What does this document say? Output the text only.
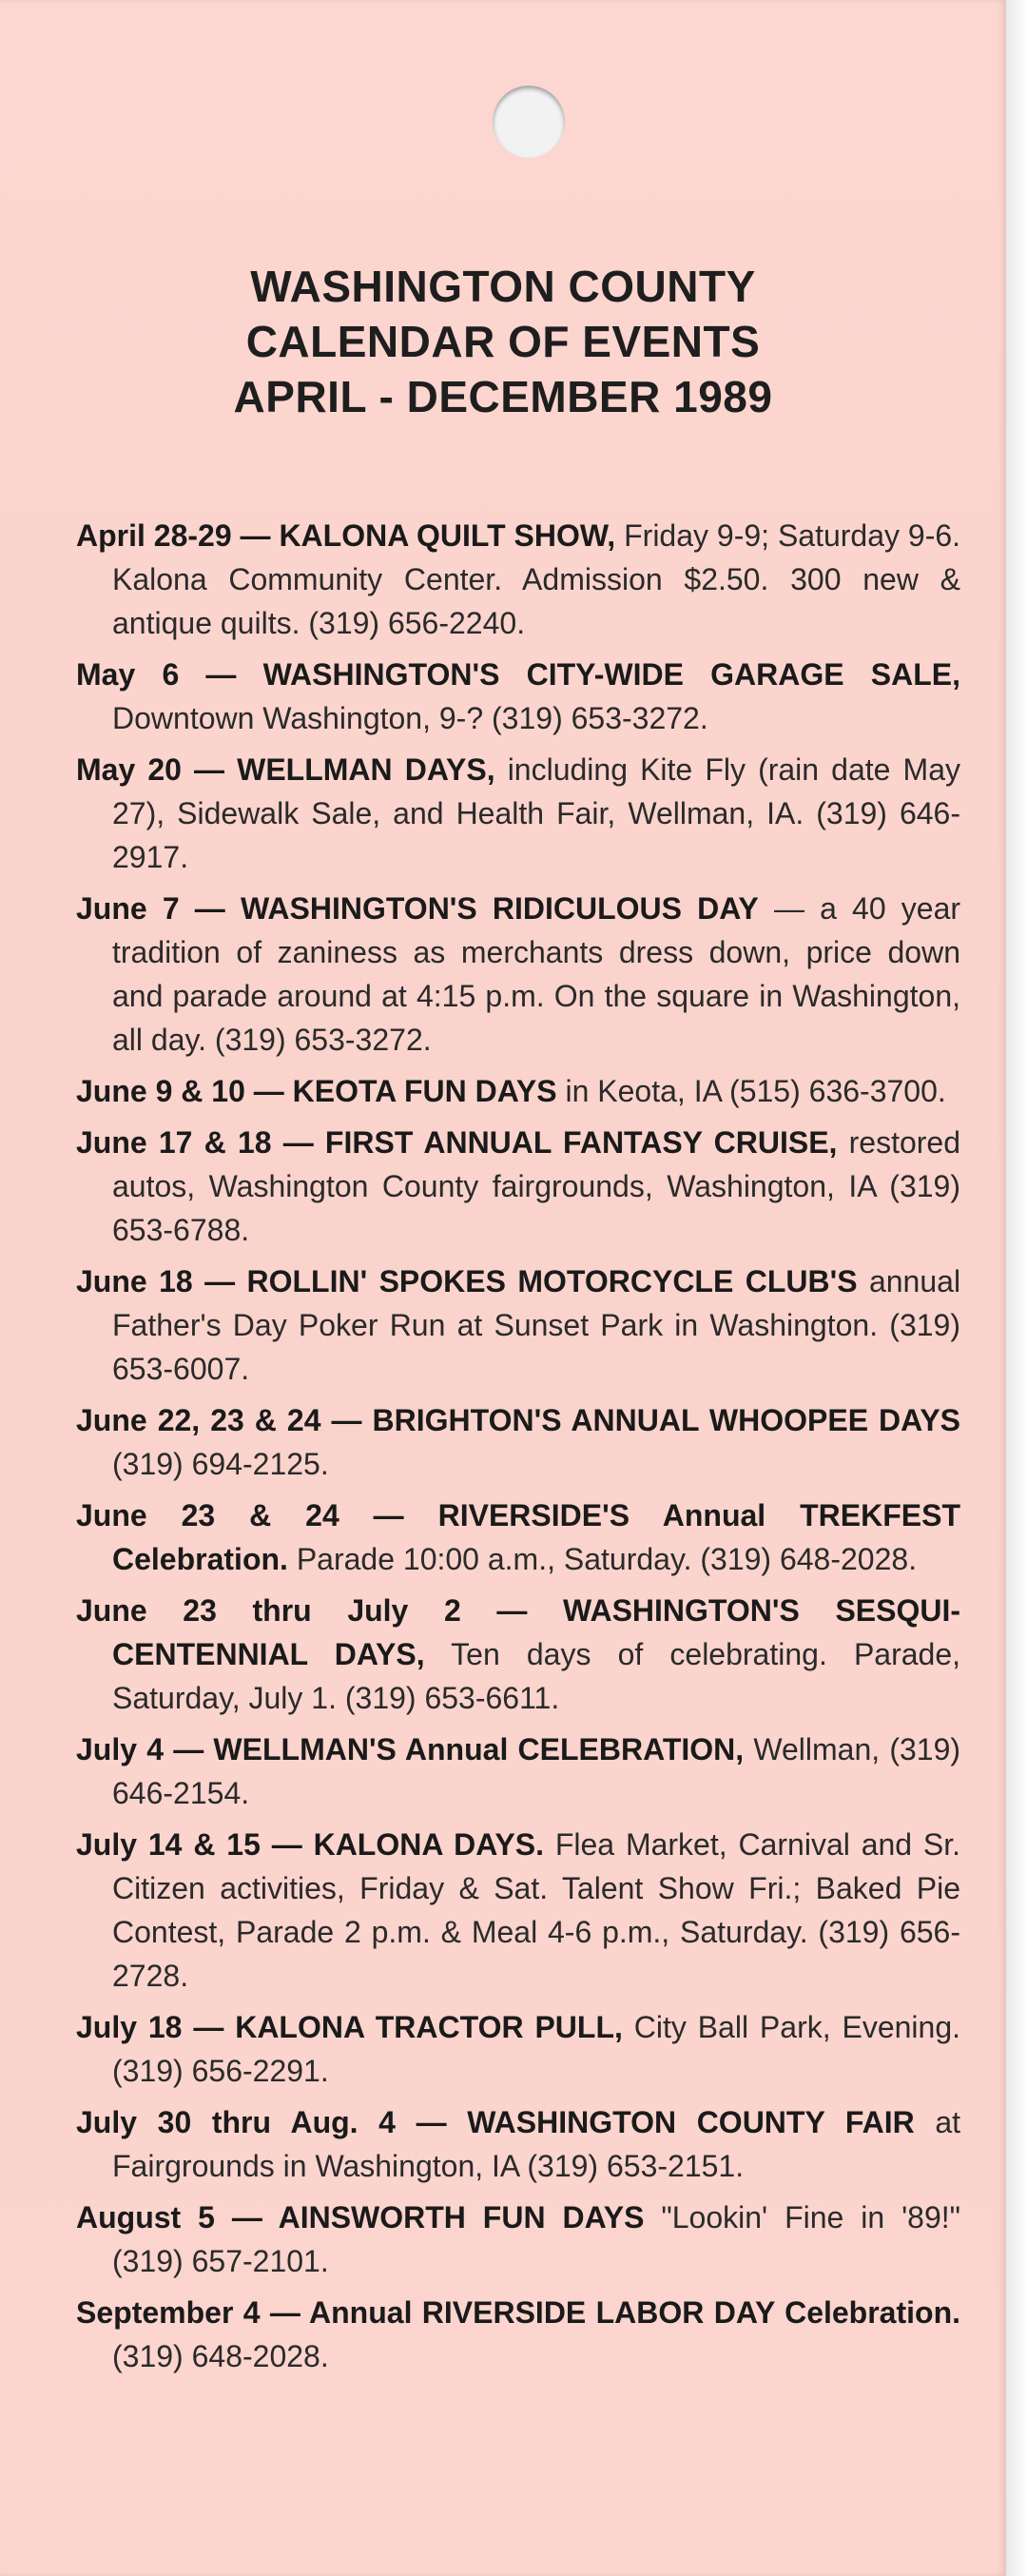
WASHINGTON COUNTY
CALENDAR OF EVENTS
APRIL - DECEMBER 1989
April 28-29 — KALONA QUILT SHOW, Friday 9-9; Saturday 9-6. Kalona Community Center. Admission $2.50. 300 new & antique quilts. (319) 656-2240.
May 6 — WASHINGTON'S CITY-WIDE GARAGE SALE, Downtown Washington, 9-? (319) 653-3272.
May 20 — WELLMAN DAYS, including Kite Fly (rain date May 27), Sidewalk Sale, and Health Fair, Wellman, IA. (319) 646-2917.
June 7 — WASHINGTON'S RIDICULOUS DAY — a 40 year tradition of zaniness as merchants dress down, price down and parade around at 4:15 p.m. On the square in Washington, all day. (319) 653-3272.
June 9 & 10 — KEOTA FUN DAYS in Keota, IA (515) 636-3700.
June 17 & 18 — FIRST ANNUAL FANTASY CRUISE, restored autos, Washington County fairgrounds, Washington, IA (319) 653-6788.
June 18 — ROLLIN' SPOKES MOTORCYCLE CLUB'S annual Father's Day Poker Run at Sunset Park in Washington. (319) 653-6007.
June 22, 23 & 24 — BRIGHTON'S ANNUAL WHOOPEE DAYS (319) 694-2125.
June 23 & 24 — RIVERSIDE'S Annual TREKFEST Celebration. Parade 10:00 a.m., Saturday. (319) 648-2028.
June 23 thru July 2 — WASHINGTON'S SESQUI-CENTENNIAL DAYS, Ten days of celebrating. Parade, Saturday, July 1. (319) 653-6611.
July 4 — WELLMAN'S Annual CELEBRATION, Wellman, (319) 646-2154.
July 14 & 15 — KALONA DAYS. Flea Market, Carnival and Sr. Citizen activities, Friday & Sat. Talent Show Fri.; Baked Pie Contest, Parade 2 p.m. & Meal 4-6 p.m., Saturday. (319) 656-2728.
July 18 — KALONA TRACTOR PULL, City Ball Park, Evening. (319) 656-2291.
July 30 thru Aug. 4 — WASHINGTON COUNTY FAIR at Fairgrounds in Washington, IA (319) 653-2151.
August 5 — AINSWORTH FUN DAYS "Lookin' Fine in '89!" (319) 657-2101.
September 4 — Annual RIVERSIDE LABOR DAY Celebration. (319) 648-2028.
